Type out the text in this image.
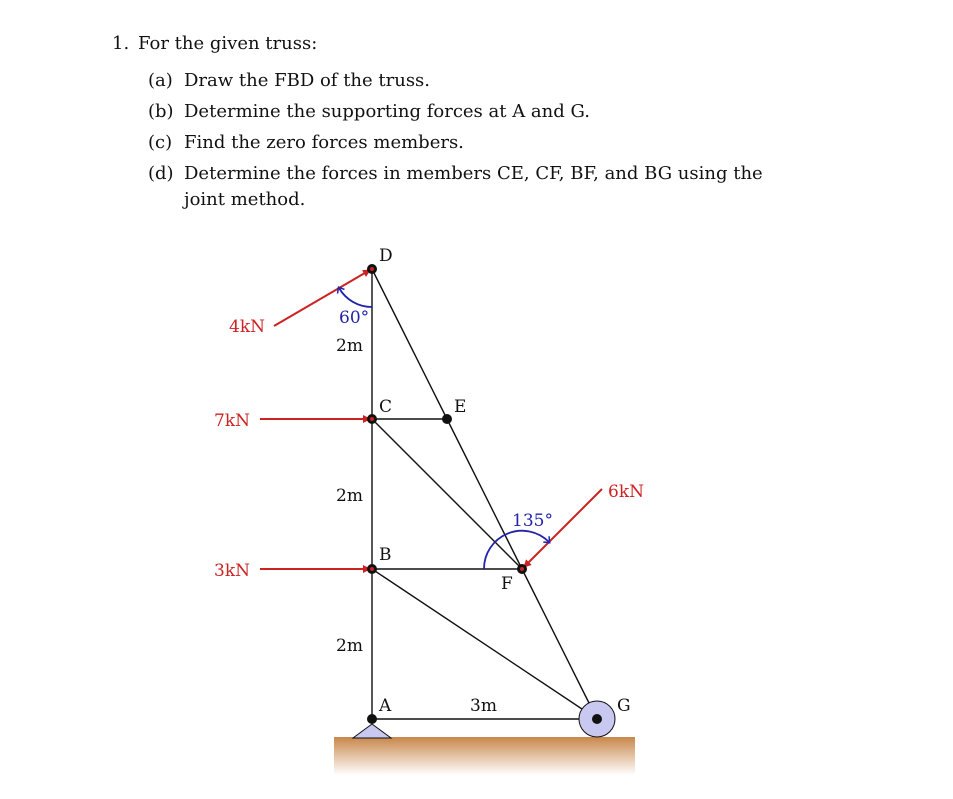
1. For the given truss:
(a) Draw the FBD of the truss.
(b) Determine the supporting forces at A and G.
(c) Find the zero forces members.
(d) Determine the forces in members CE, CF, BF, and BG using the joint method.
D
C	E
B
F
A	G
2m
2m
2m
3m
4kN
7kN
3kN
6kN
60°
135°
